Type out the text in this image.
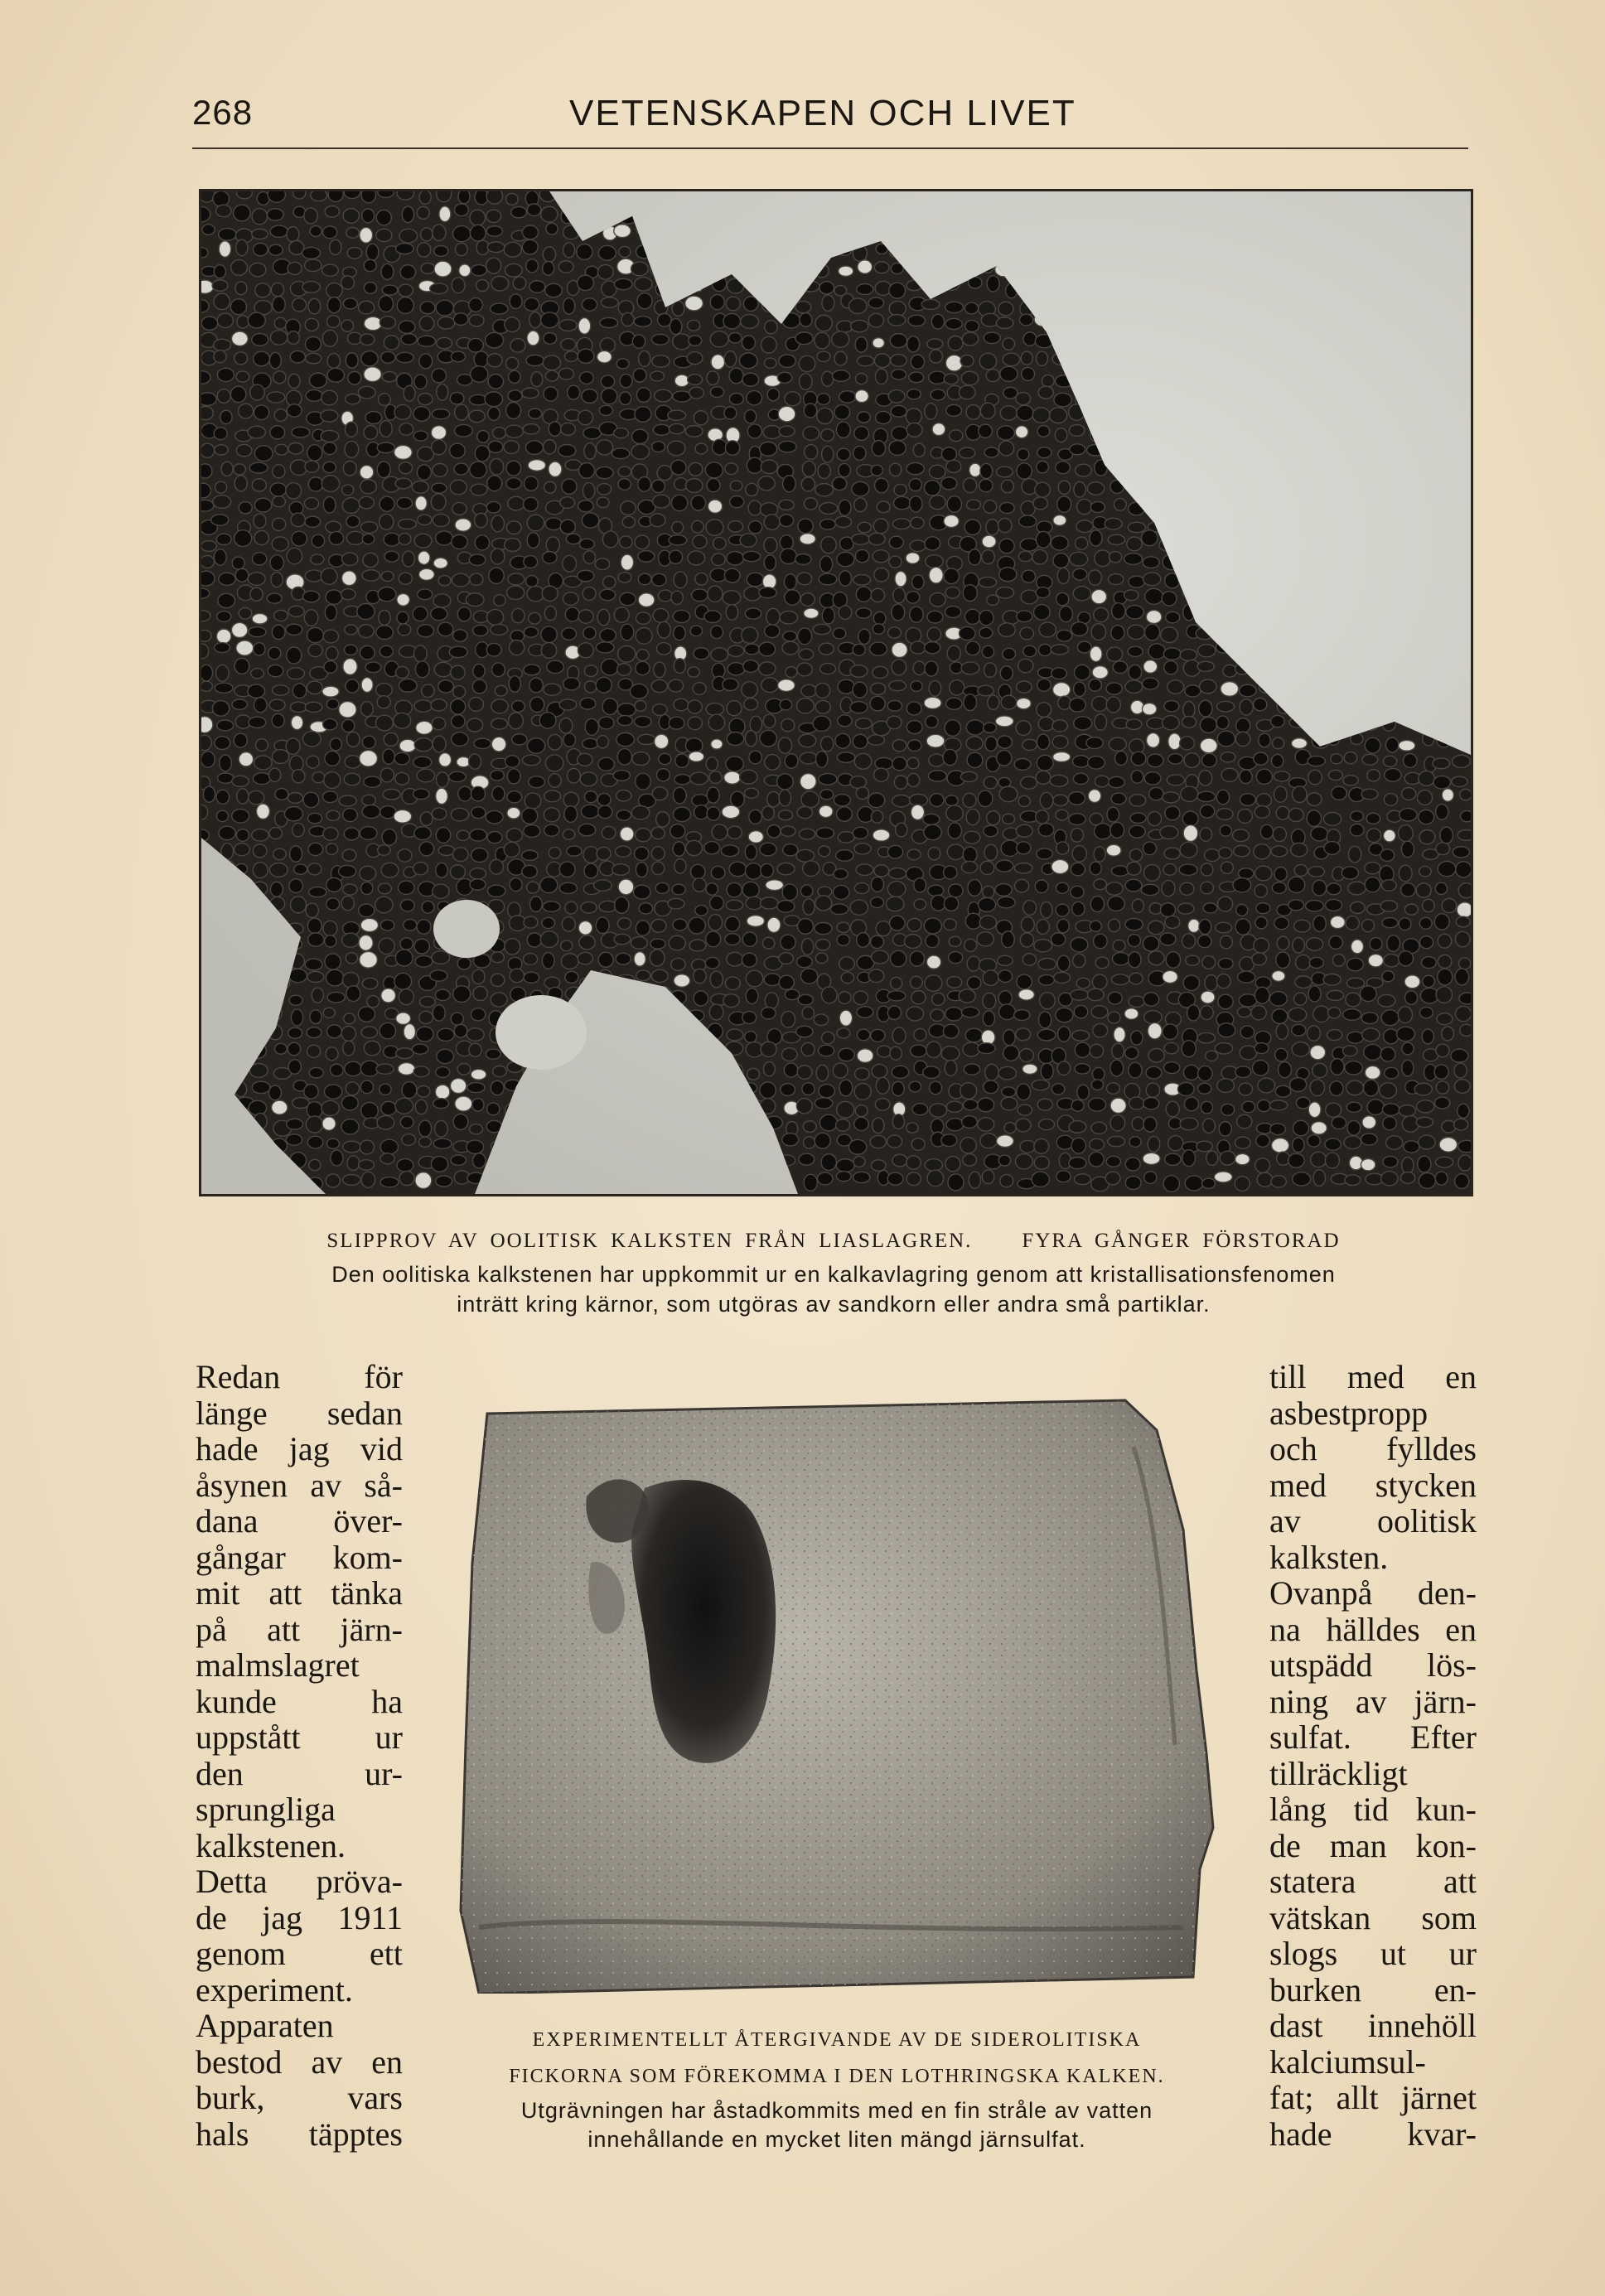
268	VETENSKAPEN OCH LIVET
SLIPPROV AV OOLITISK KALKSTEN FRÅN LIASLAGREN. FYRA GÅNGER FÖRSTORAD
Den oolitiska kalkstenen har uppkommit ur en kalkavlagring genom att kristallisationsfenomen
inträtt kring kärnor, som utgöras av sandkorn eller andra små partiklar.
Redan för
länge sedan
hade jag vid
åsynen av så-
dana över-
gångar kom-
mit att tänka
på att järn-
malmslagret
kunde ha
uppstått ur
den ur-
sprungliga
kalkstenen.
Detta pröva-
de jag 1911
genom ett
experiment.
Apparaten
bestod av en
burk, vars
hals täpptes
till med en
asbestpropp
och fylldes
med stycken
av oolitisk
kalksten.
Ovanpå den-
na hälldes en
utspädd lös-
ning av järn-
sulfat. Efter
tillräckligt
lång tid kun-
de man kon-
statera att
vätskan som
slogs ut ur
burken en-
dast innehöll
kalciumsul-
fat; allt järnet
hade kvar-
EXPERIMENTELLT ÅTERGIVANDE AV DE SIDEROLITISKA
FICKORNA SOM FÖREKOMMA I DEN LOTHRINGSKA KALKEN.
Utgrävningen har åstadkommits med en fin stråle av vatten
innehållande en mycket liten mängd järnsulfat.
